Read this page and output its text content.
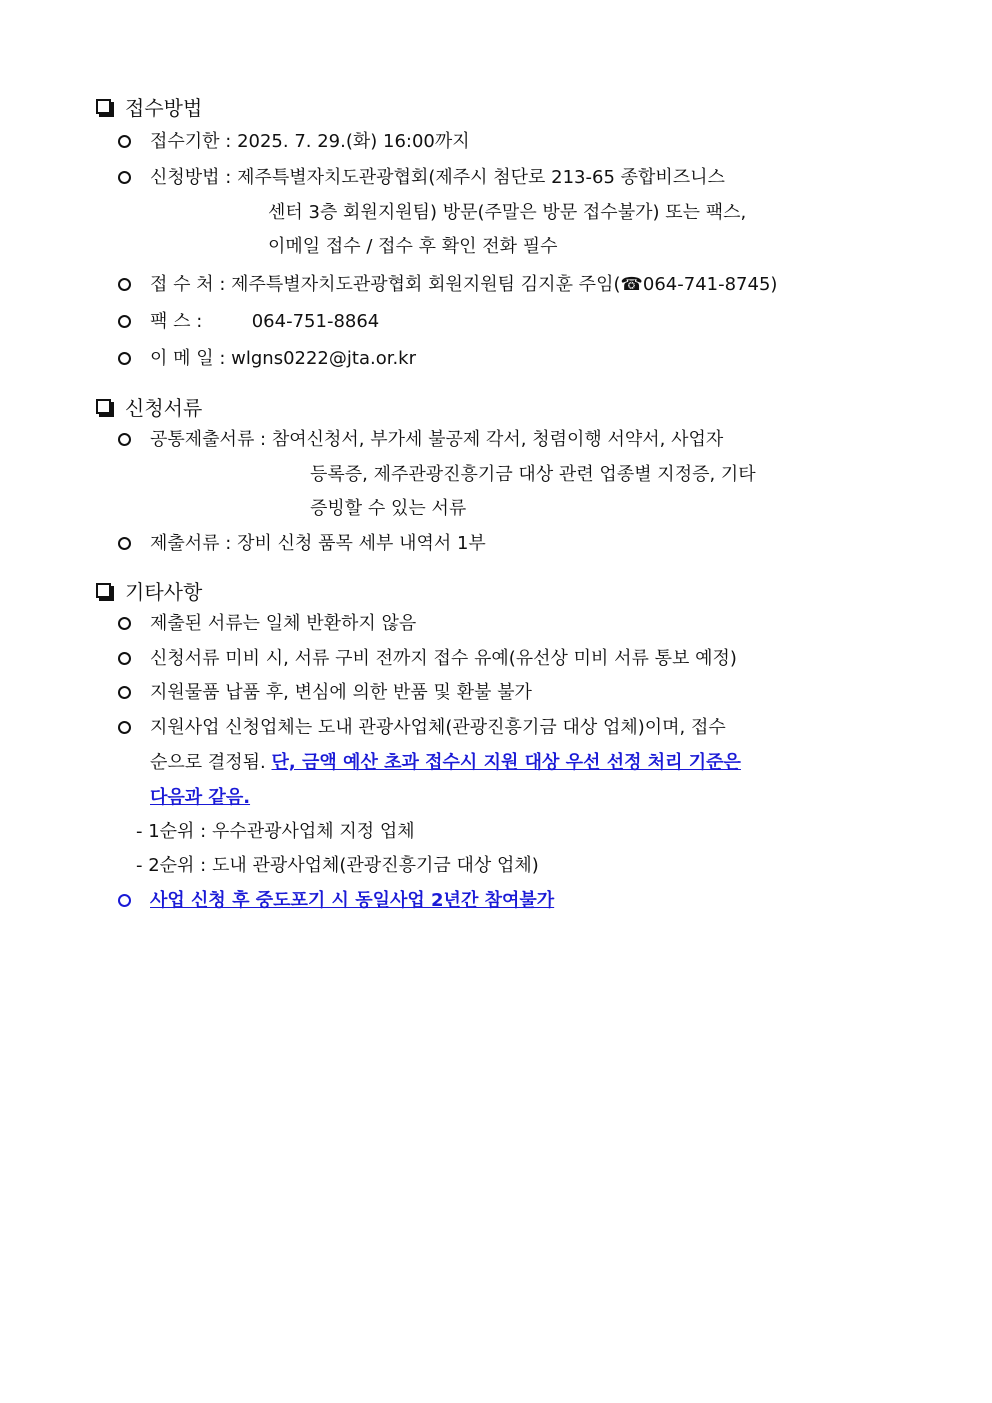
접수방법
접수기한 : 2025. 7. 29.(화) 16:00까지
신청방법 : 제주특별자치도관광협회(제주시 첨단로 213-65 종합비즈니스
센터 3층 회원지원팀) 방문(주말은 방문 접수불가) 또는 팩스,
이메일 접수 / 접수 후 확인 전화 필수
접 수 처 : 제주특별자치도관광협회 회원지원팀 김지훈 주임(☎064-741-8745)
팩 스 :	064-751-8864
이 메 일 : wlgns0222@jta.or.kr
신청서류
공통제출서류 : 참여신청서, 부가세 불공제 각서, 청렴이행 서약서, 사업자
등록증, 제주관광진흥기금 대상 관련 업종별 지정증, 기타
증빙할 수 있는 서류
제출서류 : 장비 신청 품목 세부 내역서 1부
기타사항
제출된 서류는 일체 반환하지 않음
신청서류 미비 시, 서류 구비 전까지 접수 유예(유선상 미비 서류 통보 예정)
지원물품 납품 후, 변심에 의한 반품 및 환불 불가
지원사업 신청업체는 도내 관광사업체(관광진흥기금 대상 업체)이며, 접수
순으로 결정됨. 단, 금액 예산 초과 접수시 지원 대상 우선 선정 처리 기준은
다음과 같음.
- 1순위 : 우수관광사업체 지정 업체
- 2순위 : 도내 관광사업체(관광진흥기금 대상 업체)
사업 신청 후 중도포기 시 동일사업 2년간 참여불가
